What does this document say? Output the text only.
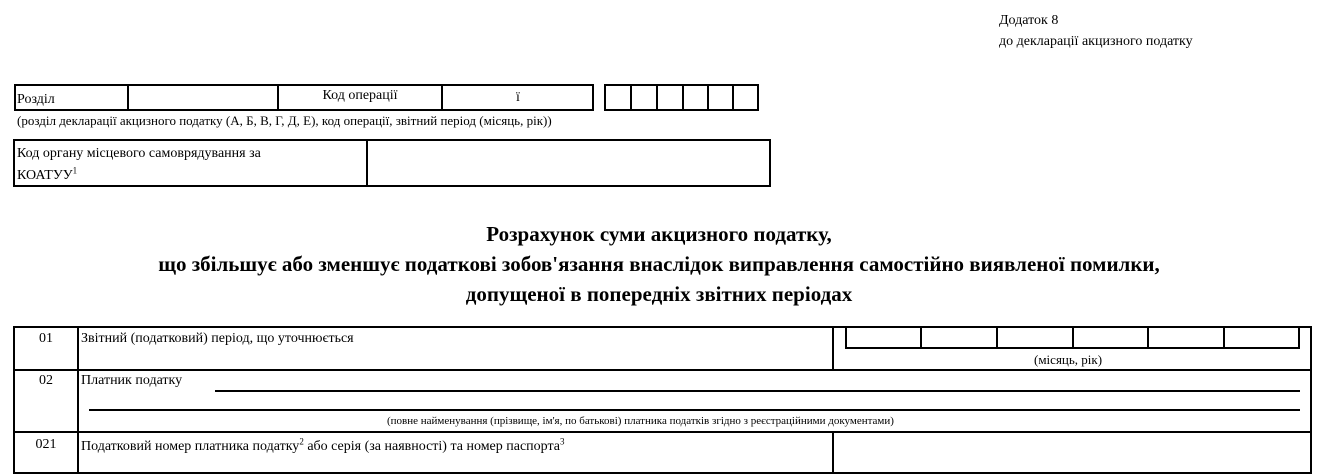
Додаток 8
до декларації акцизного податку
Розділ	Код операції	ї
(розділ декларації акцизного податку (А, Б, В, Г, Д, Е), код операції, звітний період (місяць, рік))
Код органу місцевого самоврядування за
КОАТУУ$^1$
Розрахунок суми акцизного податку,
що збільшує або зменшує податкові зобов'язання внаслідок виправлення самостійно виявленої помилки,
допущеної в попередніх звітних періодах
01	Звітний (податковий) період, що уточнюється
(місяць, рік)
02	Платник податку
(повне найменування (прізвище, ім'я, по батькові) платника податків згідно з реєстраційними документами)
021	Податковий номер платника податку$^2$ або серія (за наявності) та номер паспорта$^3$
